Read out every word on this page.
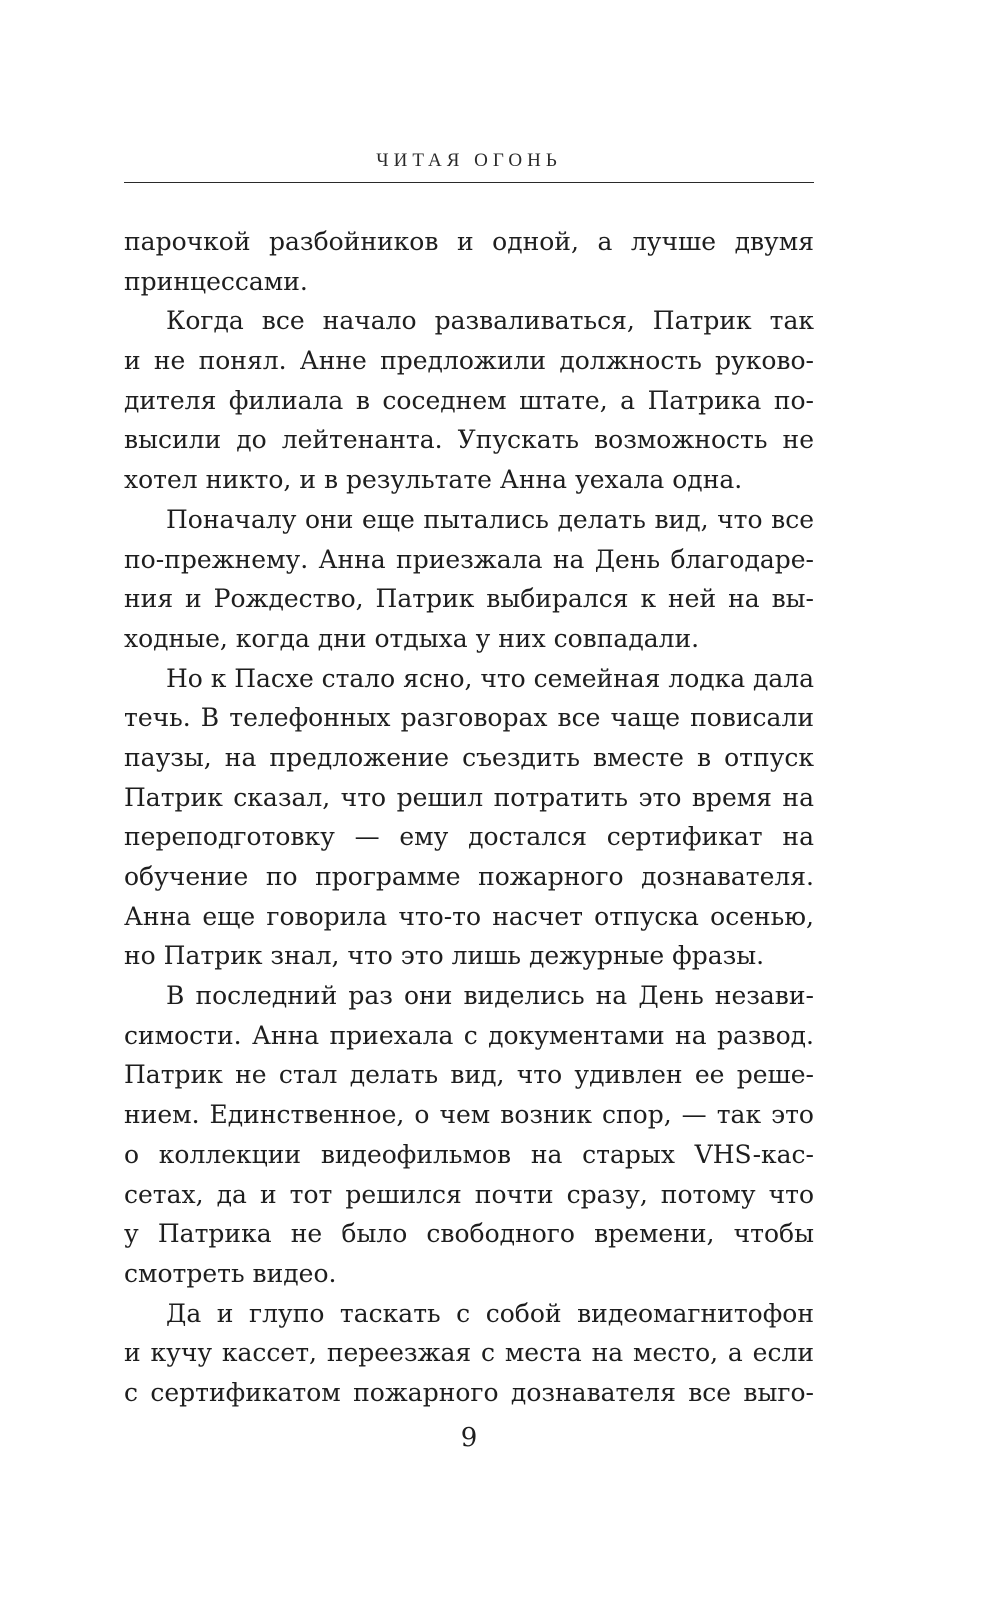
ЧИТАЯ ОГОНЬ
парочкой разбойников и одной, а лучше двумя
принцессами.
Когда все начало разваливаться, Патрик так
и не понял. Анне предложили должность руково-
дителя филиала в соседнем штате, а Патрика по-
высили до лейтенанта. Упускать возможность не
хотел никто, и в результате Анна уехала одна.
Поначалу они еще пытались делать вид, что все
по-прежнему. Анна приезжала на День благодаре-
ния и Рождество, Патрик выбирался к ней на вы-
ходные, когда дни отдыха у них совпадали.
Но к Пасхе стало ясно, что семейная лодка дала
течь. В телефонных разговорах все чаще повисали
паузы, на предложение съездить вместе в отпуск
Патрик сказал, что решил потратить это время на
переподготовку — ему достался сертификат на
обучение по программе пожарного дознавателя.
Анна еще говорила что-то насчет отпуска осенью,
но Патрик знал, что это лишь дежурные фразы.
В последний раз они виделись на День незави-
симости. Анна приехала с документами на развод.
Патрик не стал делать вид, что удивлен ее реше-
нием. Единственное, о чем возник спор, — так это
о коллекции видеофильмов на старых VHS-кас-
сетах, да и тот решился почти сразу, потому что
у Патрика не было свободного времени, чтобы
смотреть видео.
Да и глупо таскать с собой видеомагнитофон
и кучу кассет, переезжая с места на место, а если
с сертификатом пожарного дознавателя все выго-
9
